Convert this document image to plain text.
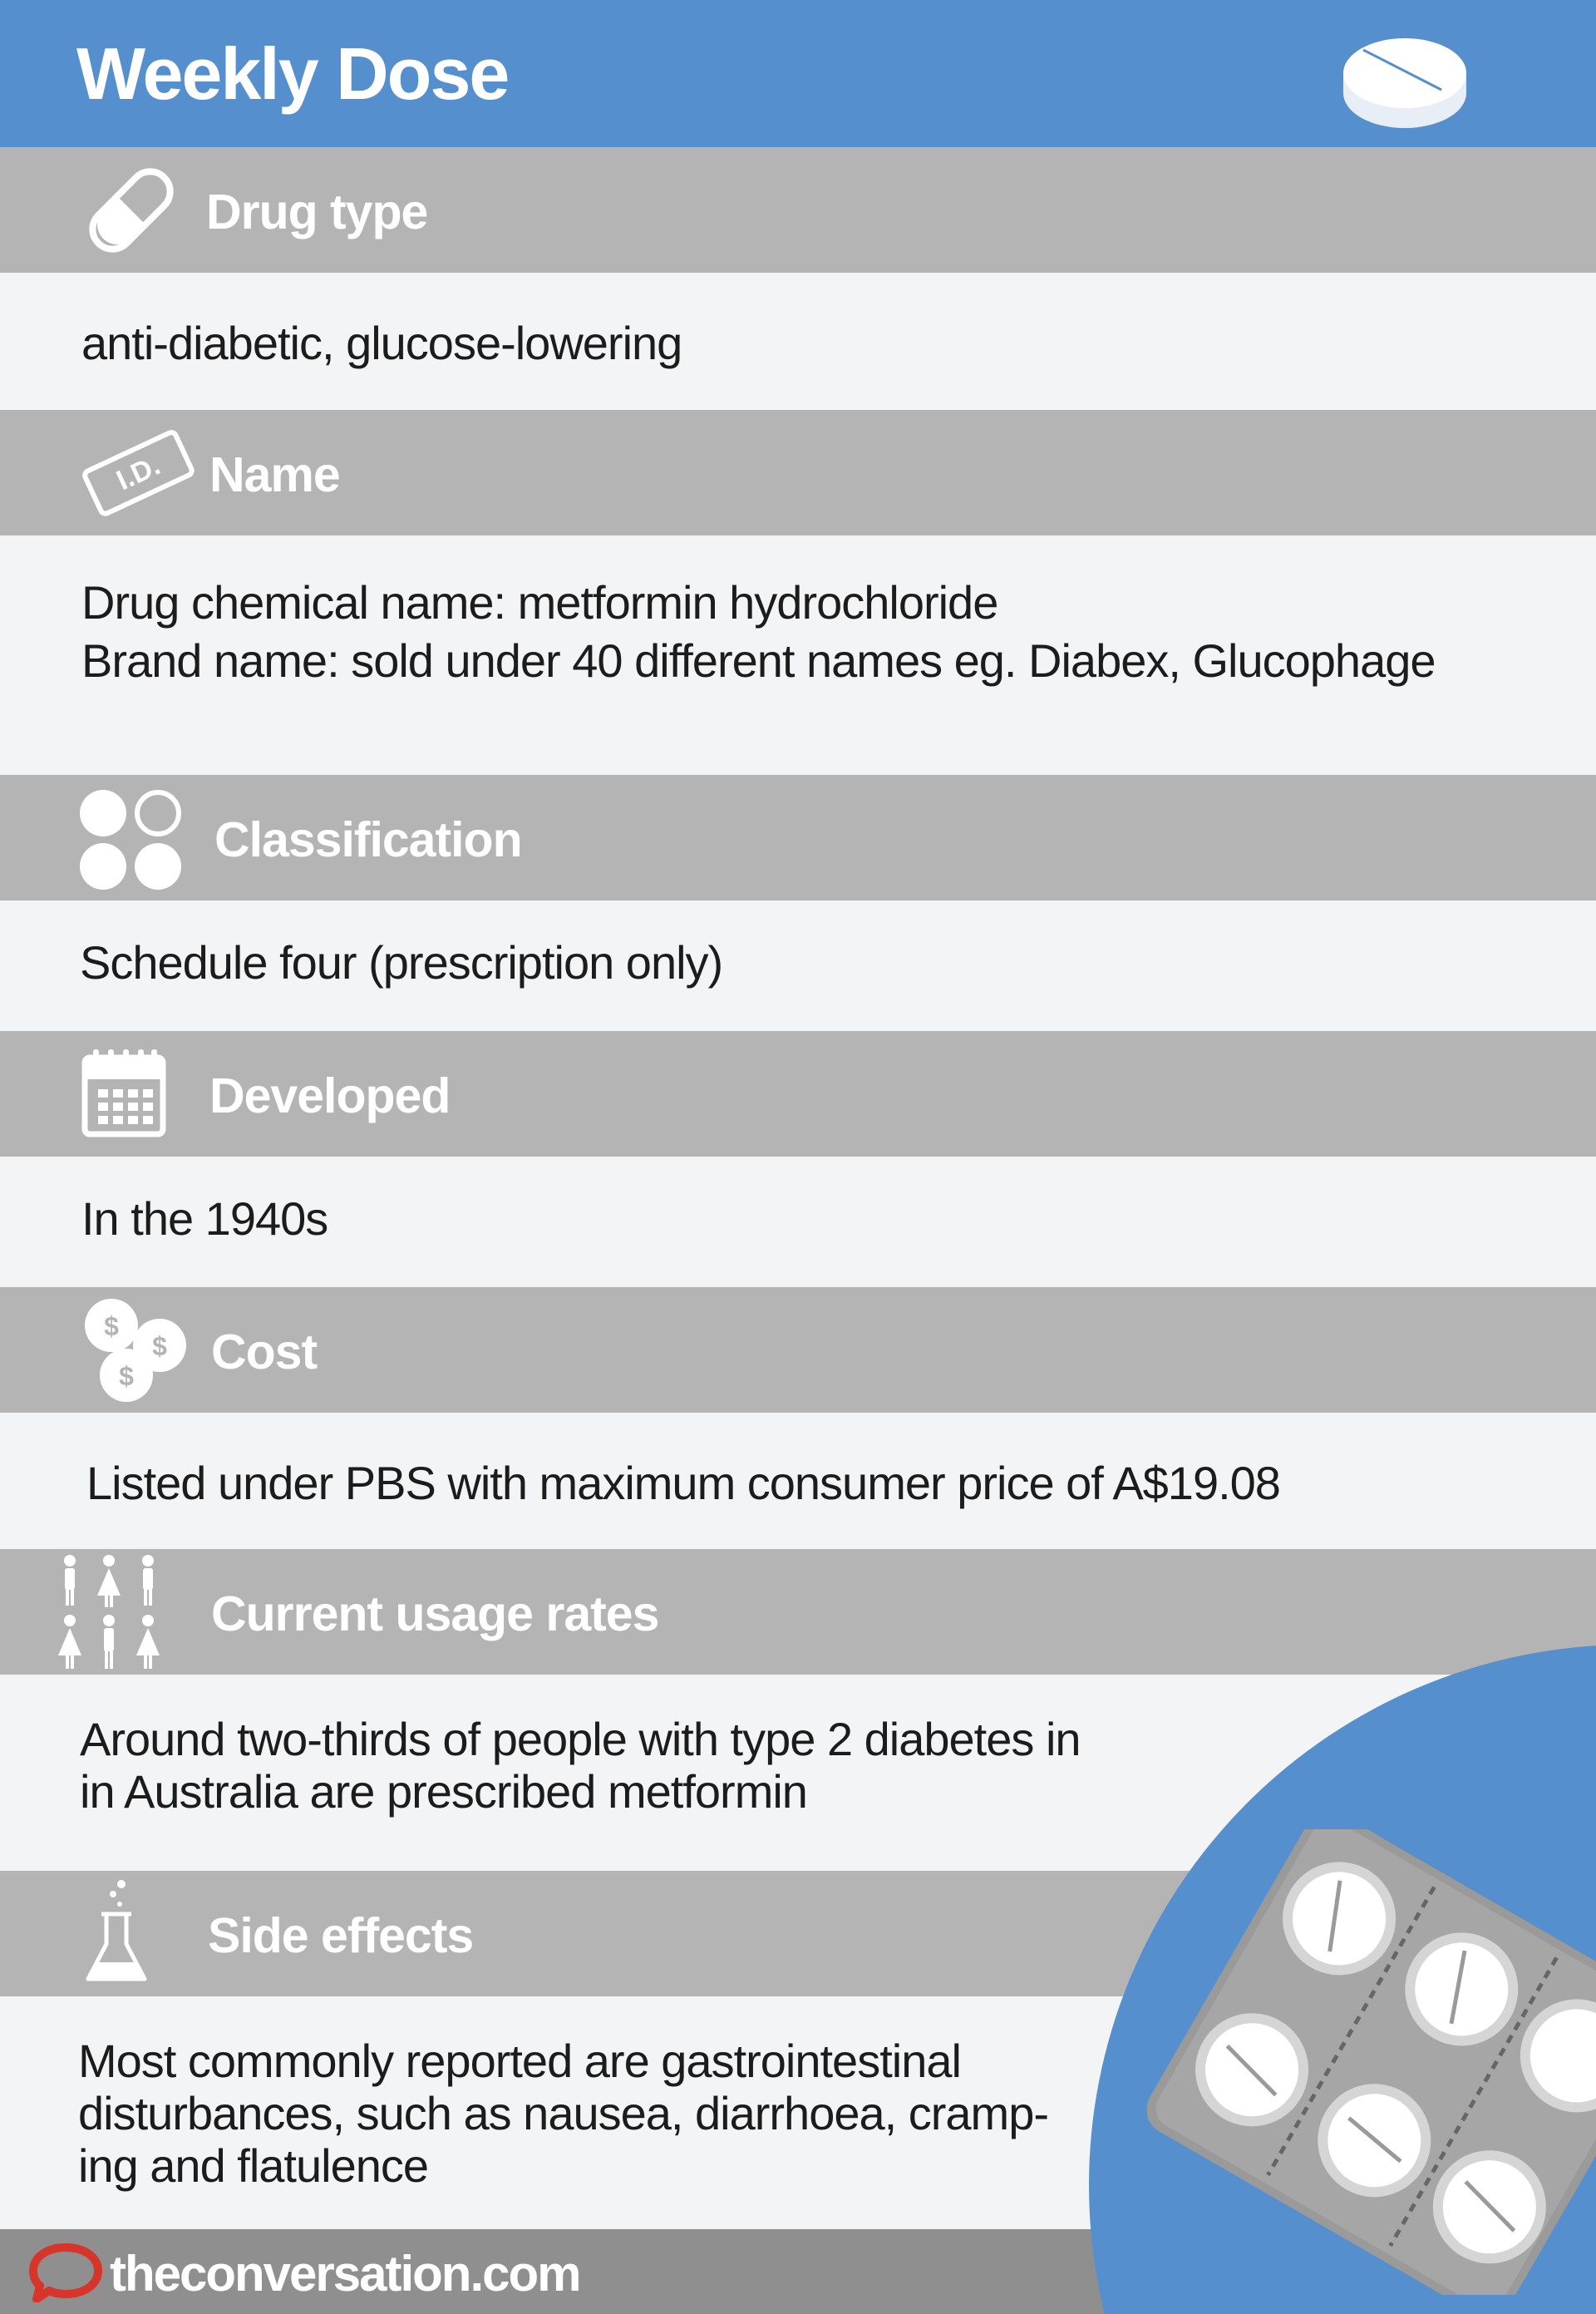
Weekly Dose
Drug type
anti-diabetic, glucose-lowering
I.D. Name
Drug chemical name: metformin hydrochloride
Brand name: sold under 40 different names eg. Diabex, Glucophage
Classification
Schedule four (prescription only)
Developed
In the 1940s
$
$
$ Cost
Listed under PBS with maximum consumer price of A$19.08
Current usage rates
Around two-thirds of people with type 2 diabetes in
in Australia are prescribed metformin
Side effects
Most commonly reported are gastrointestinal
disturbances, such as nausea, diarrhoea, cramp-
ing and flatulence
theconversation.com
